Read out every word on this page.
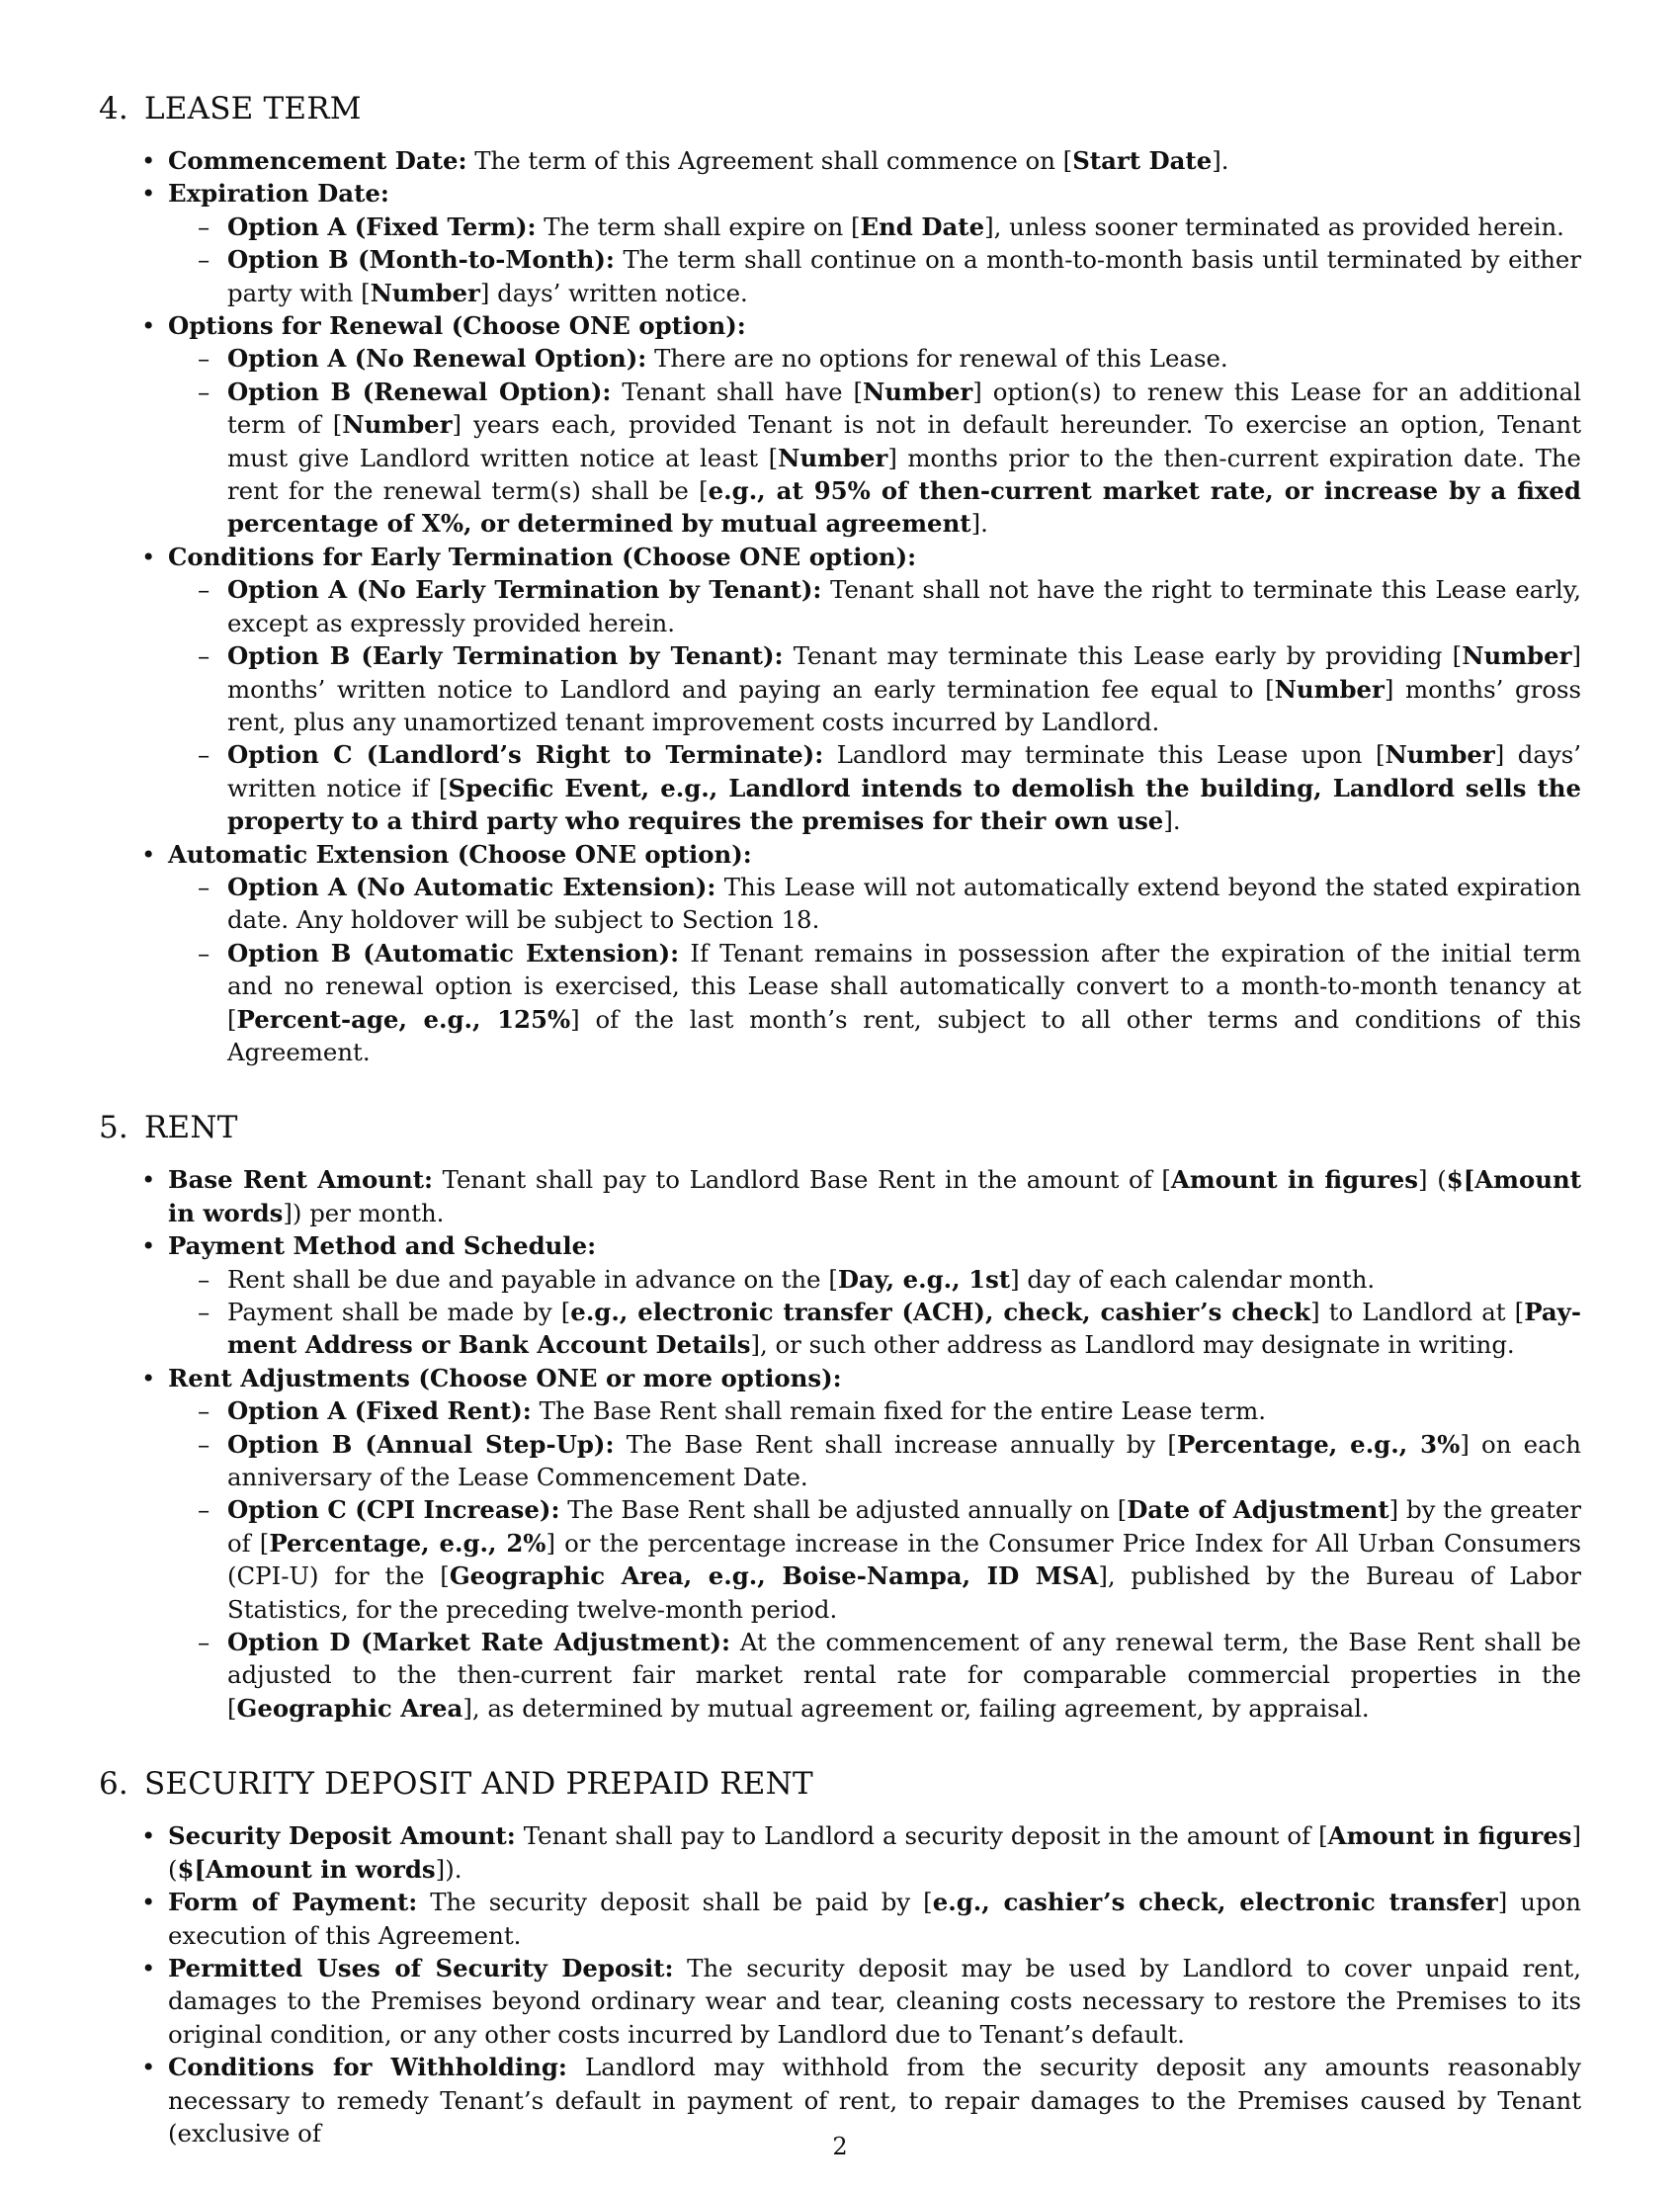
4. LEASE TERM
• Commencement Date: The term of this Agreement shall commence on [Start Date].
• Expiration Date:
– Option A (Fixed Term): The term shall expire on [End Date], unless sooner terminated as provided herein.
– Option B (Month-to-Month): The term shall continue on a month-to-month basis until terminated by either party with [Number] days’ written notice.
• Options for Renewal (Choose ONE option):
– Option A (No Renewal Option): There are no options for renewal of this Lease.
– Option B (Renewal Option): Tenant shall have [Number] option(s) to renew this Lease for an additional term of [Number] years each, provided Tenant is not in default hereunder. To exercise an option, Tenant must give Landlord written notice at least [Number] months prior to the then-current expiration date. The rent for the renewal term(s) shall be [e.g., at 95% of then-current market rate, or increase by a fixed percentage of X%, or determined by mutual agreement].
• Conditions for Early Termination (Choose ONE option):
– Option A (No Early Termination by Tenant): Tenant shall not have the right to terminate this Lease early, except as expressly provided herein.
– Option B (Early Termination by Tenant): Tenant may terminate this Lease early by providing [Number] months’ written notice to Landlord and paying an early termination fee equal to [Number] months’ gross rent, plus any unamortized tenant improvement costs incurred by Landlord.
– Option C (Landlord’s Right to Terminate): Landlord may terminate this Lease upon [Number] days’ written notice if [Specific Event, e.g., Landlord intends to demolish the building, Landlord sells the property to a third party who requires the premises for their own use].
• Automatic Extension (Choose ONE option):
– Option A (No Automatic Extension): This Lease will not automatically extend beyond the stated expiration date. Any holdover will be subject to Section 18.
– Option B (Automatic Extension): If Tenant remains in possession after the expiration of the initial term and no renewal option is exercised, this Lease shall automatically convert to a month-to-month tenancy at [Percent-age, e.g., 125%] of the last month’s rent, subject to all other terms and conditions of this Agreement.
5. RENT
• Base Rent Amount: Tenant shall pay to Landlord Base Rent in the amount of [Amount in figures] ($[Amount in words]) per month.
• Payment Method and Schedule:
– Rent shall be due and payable in advance on the [Day, e.g., 1st] day of each calendar month.
– Payment shall be made by [e.g., electronic transfer (ACH), check, cashier’s check] to Landlord at [Pay-ment Address or Bank Account Details], or such other address as Landlord may designate in writing.
• Rent Adjustments (Choose ONE or more options):
– Option A (Fixed Rent): The Base Rent shall remain fixed for the entire Lease term.
– Option B (Annual Step-Up): The Base Rent shall increase annually by [Percentage, e.g., 3%] on each anniversary of the Lease Commencement Date.
– Option C (CPI Increase): The Base Rent shall be adjusted annually on [Date of Adjustment] by the greater of [Percentage, e.g., 2%] or the percentage increase in the Consumer Price Index for All Urban Consumers (CPI-U) for the [Geographic Area, e.g., Boise-Nampa, ID MSA], published by the Bureau of Labor Statistics, for the preceding twelve-month period.
– Option D (Market Rate Adjustment): At the commencement of any renewal term, the Base Rent shall be adjusted to the then-current fair market rental rate for comparable commercial properties in the [Geographic Area], as determined by mutual agreement or, failing agreement, by appraisal.
6. SECURITY DEPOSIT AND PREPAID RENT
• Security Deposit Amount: Tenant shall pay to Landlord a security deposit in the amount of [Amount in figures] ($[Amount in words]).
• Form of Payment: The security deposit shall be paid by [e.g., cashier’s check, electronic transfer] upon execution of this Agreement.
• Permitted Uses of Security Deposit: The security deposit may be used by Landlord to cover unpaid rent, damages to the Premises beyond ordinary wear and tear, cleaning costs necessary to restore the Premises to its original condition, or any other costs incurred by Landlord due to Tenant’s default.
• Conditions for Withholding: Landlord may withhold from the security deposit any amounts reasonably necessary to remedy Tenant’s default in payment of rent, to repair damages to the Premises caused by Tenant (exclusive of	2
